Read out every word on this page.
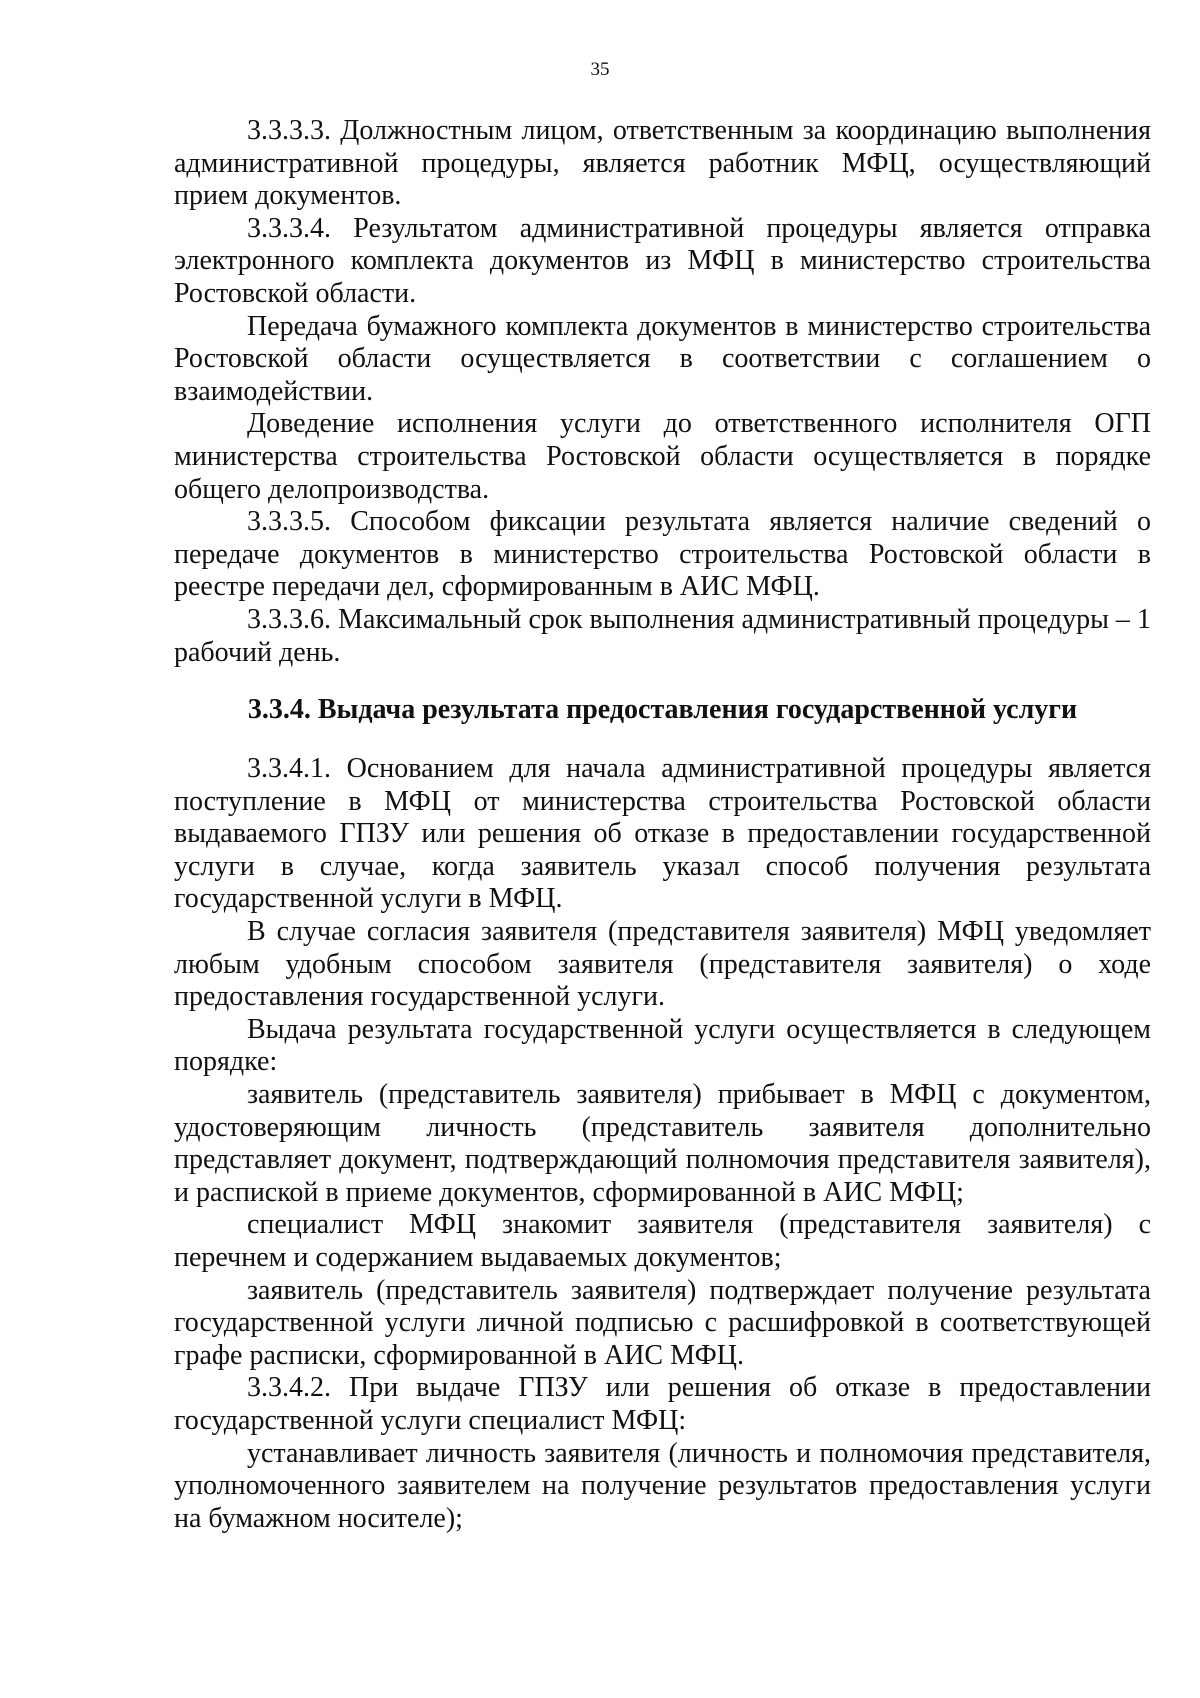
35

3.3.3.3. Должностным лицом, ответственным за координацию выполнения административной процедуры, является работник МФЦ, осуществляющий прием документов.

3.3.3.4. Результатом административной процедуры является отправка электронного комплекта документов из МФЦ в министерство строительства Ростовской области.

Передача бумажного комплекта документов в министерство строительства Ростовской области осуществляется в соответствии с соглашением о взаимодействии.

Доведение исполнения услуги до ответственного исполнителя ОГП министерства строительства Ростовской области осуществляется в порядке общего делопроизводства.

3.3.3.5. Способом фиксации результата является наличие сведений о передаче документов в министерство строительства Ростовской области в реестре передачи дел, сформированным в АИС МФЦ.

3.3.3.6. Максимальный срок выполнения административный процедуры – 1 рабочий день.

3.3.4. Выдача результата предоставления государственной услуги

3.3.4.1. Основанием для начала административной процедуры является поступление в МФЦ от министерства строительства Ростовской области выдаваемого ГПЗУ или решения об отказе в предоставлении государственной услуги в случае, когда заявитель указал способ получения результата государственной услуги в МФЦ.

В случае согласия заявителя (представителя заявителя) МФЦ уведомляет любым удобным способом заявителя (представителя заявителя) о ходе предоставления государственной услуги.

Выдача результата государственной услуги осуществляется в следующем порядке:

заявитель (представитель заявителя) прибывает в МФЦ с документом, удостоверяющим личность (представитель заявителя дополнительно представляет документ, подтверждающий полномочия представителя заявителя), и распиской в приеме документов, сформированной в АИС МФЦ;

специалист МФЦ знакомит заявителя (представителя заявителя) с перечнем и содержанием выдаваемых документов;

заявитель (представитель заявителя) подтверждает получение результата государственной услуги личной подписью с расшифровкой в соответствующей графе расписки, сформированной в АИС МФЦ.

3.3.4.2. При выдаче ГПЗУ или решения об отказе в предоставлении государственной услуги специалист МФЦ:

устанавливает личность заявителя (личность и полномочия представителя, уполномоченного заявителем на получение результатов предоставления услуги на бумажном носителе);
